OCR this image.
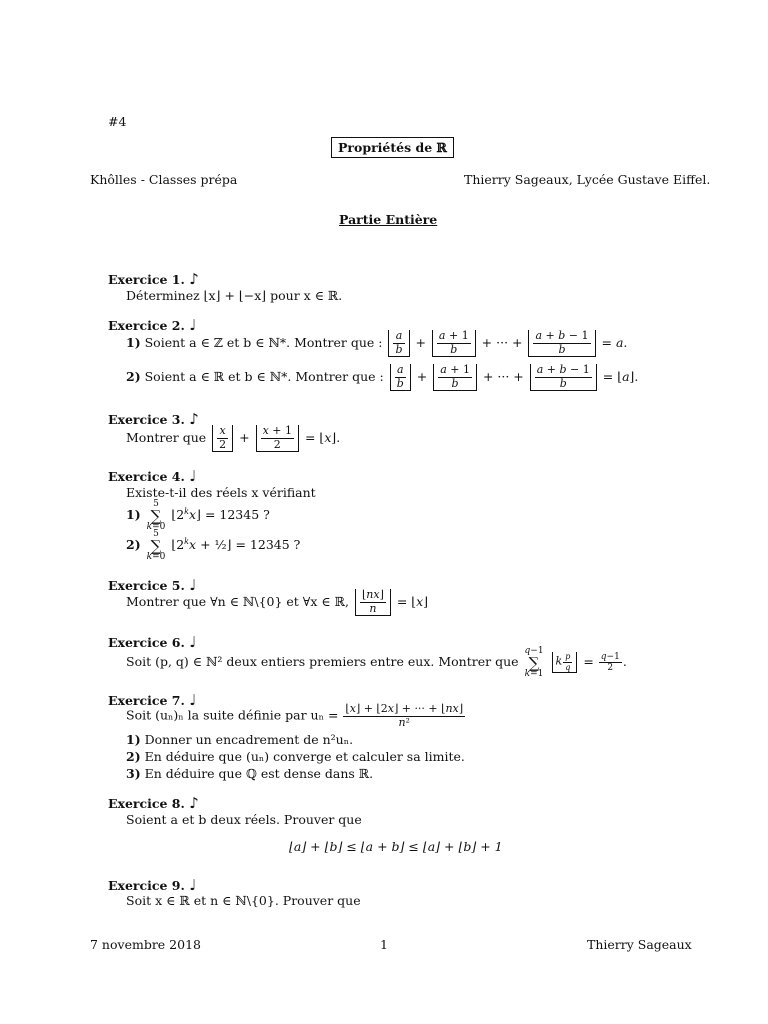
#4
Propriétés de ℝ
Khôlles - Classes prépa	Thierry Sageaux, Lycée Gustave Eiffel.
Partie Entière
Exercice 1. ♪
Déterminez ⌊x⌋ + ⌊−x⌋ pour x ∈ ℝ.
Exercice 2. ♩
1) Soient a ∈ ℤ et b ∈ ℕ*. Montrer que : $\frac{a}{b} + \frac{a + 1}{b}$ + ··· + $\frac{a + b - 1}{b} = a$.
2) Soient a ∈ ℝ et b ∈ ℕ*. Montrer que : $\frac{a}{b} + \frac{a + 1}{b}$ + ··· + $\frac{a + b - 1}{b}$ = ⌊a⌋.
Exercice 3. ♪
Montrer que $\frac{x}{2} + \frac{x + 1}{2}$ = ⌊x⌋.
Exercice 4. ♩
Existe-t-il des réels x vérifiant
1) 5
∑
k=0 $⌊2^kx⌋ = 12345$ ?
2) 5
∑
k=0 $⌊2^kx$ + ½⌋ = 12345 ?
Exercice 5. ♩
Montrer que ∀n ∈ ℕ\{0} et ∀x ∈ ℝ, $\frac{⌊nx⌋}{n}$ = ⌊x⌋
Exercice 6. ♩
Soit (p, q) ∈ ℕ² deux entiers premiers entre eux. Montrer que q−1
∑
k=1 k $\frac{p}{q} = \frac{q-1}{2}$ .
Exercice 7. ♩
Soit (uₙ)ₙ la suite définie par $u_n = \frac{⌊x⌋ + ⌊2x⌋ + \cdot\cdot\cdot + ⌊nx⌋}{\text{n²}}$
1) Donner un encadrement de n²uₙ.
2) En déduire que (uₙ) converge et calculer sa limite.
3) En déduire que ℚ est dense dans ℝ.
Exercice 8. ♪
Soient a et b deux réels. Prouver que
⌊a⌋ + ⌊b⌋ ≤ ⌊a + b⌋ ≤ ⌊a⌋ + ⌊b⌋ + 1
Exercice 9. ♩
Soit x ∈ ℝ et n ∈ ℕ\{0}. Prouver que
7 novembre 2018	1	Thierry Sageaux
